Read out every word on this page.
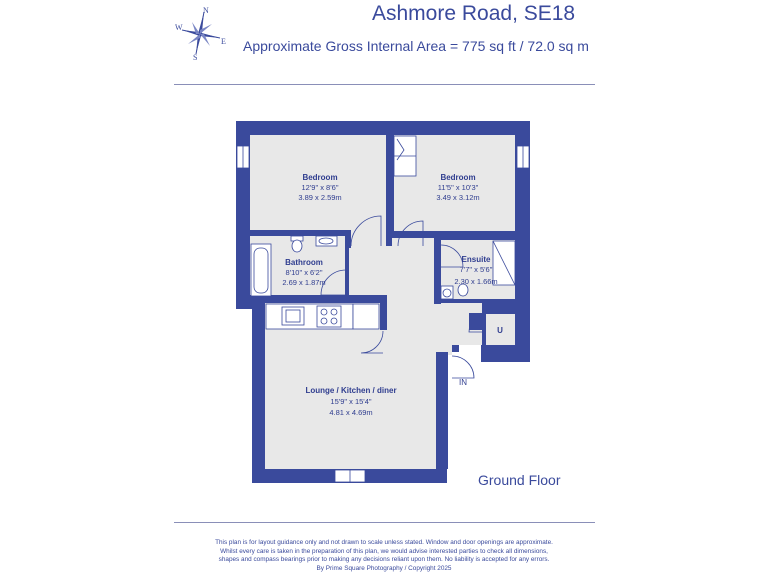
N
W
E
S
Ashmore Road, SE18
Approximate Gross Internal Area = 775 sq ft / 72.0 sq m
Bedroom
12'9" x 8'6"
3.89 x 2.59m
Bedroom
11'5" x 10'3"
3.49 x 3.12m
Bathroom
8'10" x 6'2"
2.69 x 1.87m
Ensuite
7'7" x 5'6"
2.30 x 1.66m
Lounge / Kitchen / diner
15'9" x 15'4"
4.81 x 4.69m
U
IN
Ground Floor
This plan is for layout guidance only and not drawn to scale unless stated. Window and door openings are approximate.
Whilst every care is taken in the preparation of this plan, we would advise interested parties to check all dimensions,
shapes and compass bearings prior to making any decisions reliant upon them. No liability is accepted for any errors.
By Prime Square Photography / Copyright 2025
